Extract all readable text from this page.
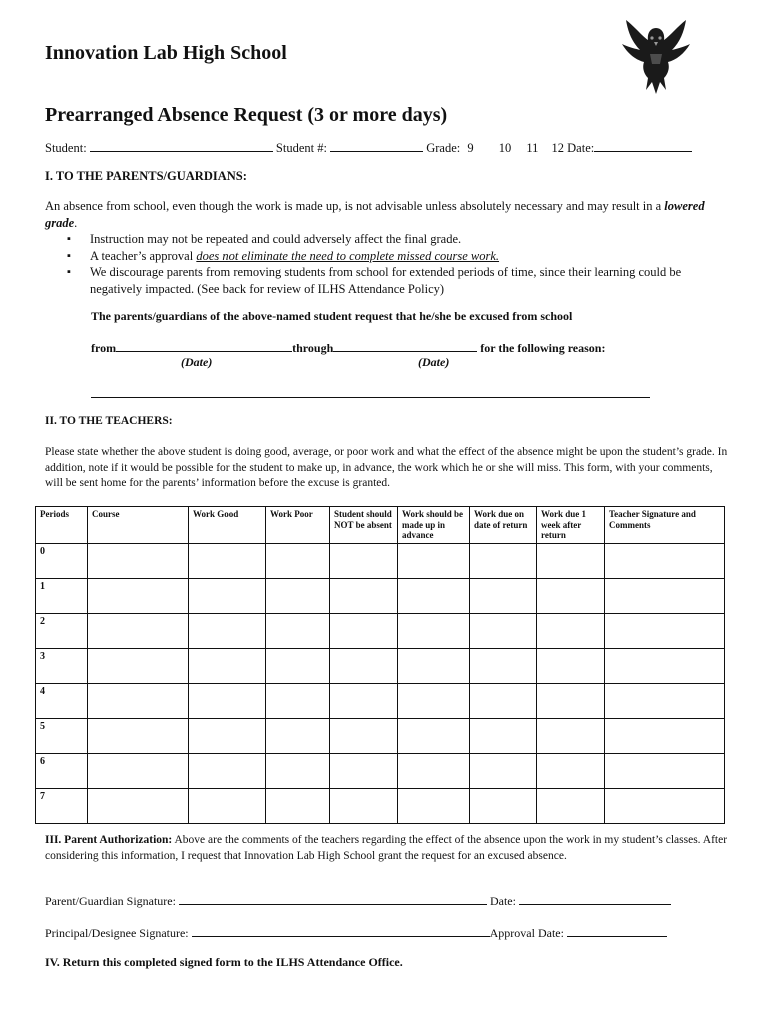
Innovation Lab High School
Prearranged Absence Request (3 or more days)
Student:	Student #:	Grade: 9 10 11 12 Date:
I. TO THE PARENTS/GUARDIANS:
An absence from school, even though the work is made up, is not advisable unless absolutely necessary and may result in a lowered grade.
▪ Instruction may not be repeated and could adversely affect the final grade.
▪ A teacher’s approval does not eliminate the need to complete missed course work.
▪ We discourage parents from removing students from school for extended periods of time, since their learning could be negatively impacted. (See back for review of ILHS Attendance Policy)
The parents/guardians of the above-named student request that he/she be excused from school
from	through	for the following reason:
(Date)	(Date)
II. TO THE TEACHERS:
Please state whether the above student is doing good, average, or poor work and what the effect of the absence might be upon the student’s grade. In addition, note if it would be possible for the student to make up, in advance, the work which he or she will miss. This form, with your comments, will be sent home for the parents’ information before the excuse is granted.
Periods	Course	Work Good	Work Poor	Student should NOT be absent	Work should be made up in advance	Work due on date of return	Work due 1 week after return	Teacher Signature and Comments
0								
1								
2								
3								
4								
5								
6								
7								
III. Parent Authorization: Above are the comments of the teachers regarding the effect of the absence upon the work in my student’s classes. After considering this information, I request that Innovation Lab High School grant the request for an excused absence.
Parent/Guardian Signature:	Date:
Principal/Designee Signature:	Approval Date:
IV. Return this completed signed form to the ILHS Attendance Office.
